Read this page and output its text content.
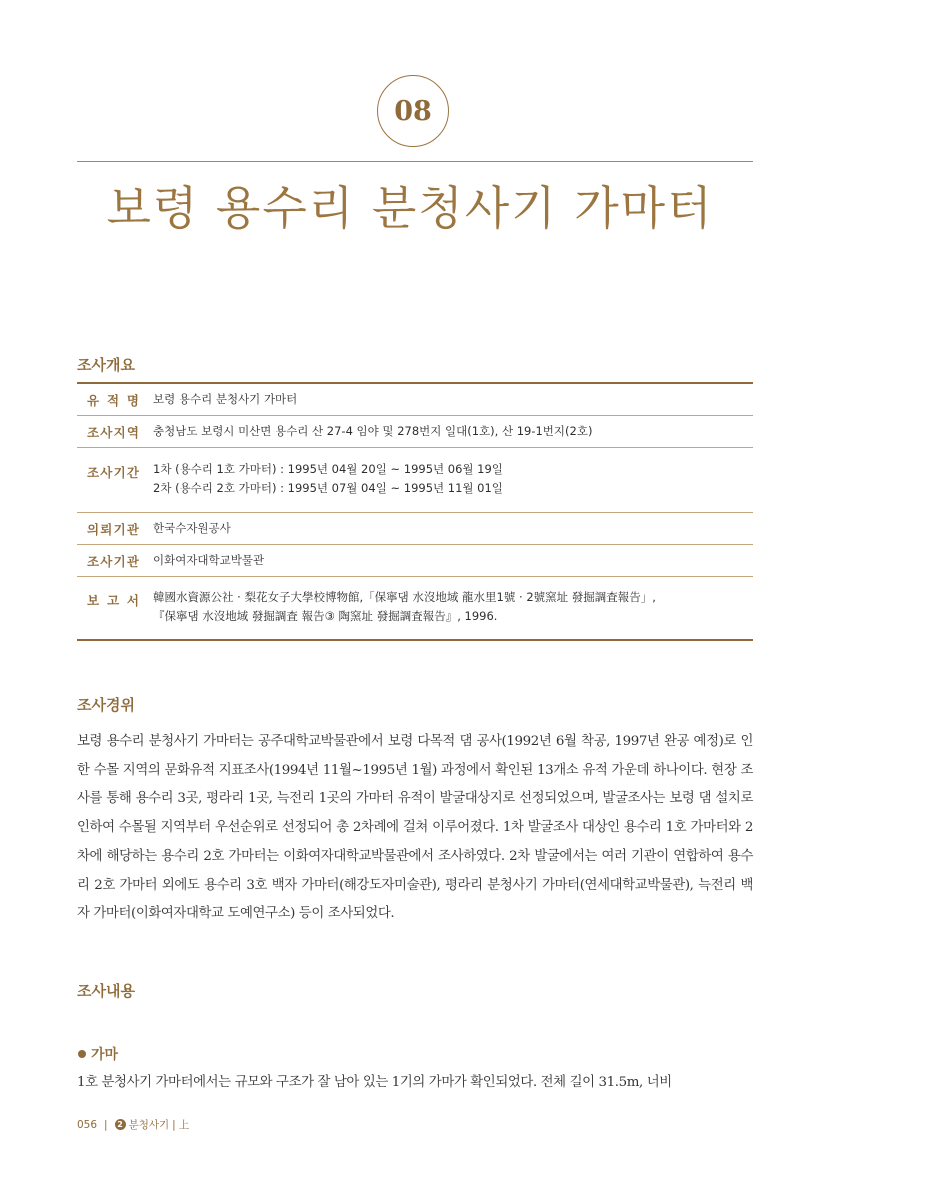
08
보령 용수리 분청사기 가마터
조사개요
유 적 명 보령 용수리 분청사기 가마터
조 사 지 역 충청남도 보령시 미산면 용수리 산 27-4 임야 및 278번지 일대(1호), 산 19-1번지(2호)
조 사 기 간 1차 (용수리 1호 가마터) : 1995년 04월 20일 ~ 1995년 06월 19일
2차 (용수리 2호 가마터) : 1995년 07월 04일 ~ 1995년 11월 01일
의 뢰 기 관 한국수자원공사
조 사 기 관 이화여자대학교박물관
보 고 서 韓國水資源公社 · 梨花女子大學校博物館,「保寧댐 水沒地域 龍水里1號 · 2號窯址 發掘調査報告」,
『保寧댐 水沒地域 發掘調査 報告③ 陶窯址 發掘調査報告』, 1996.
조사경위
보령 용수리 분청사기 가마터는 공주대학교박물관에서 보령 다목적 댐 공사(1992년 6월 착공, 1997년 완공 예정)로 인한 수몰 지역의 문화유적 지표조사(1994년 11월~1995년 1월) 과정에서 확인된 13개소 유적 가운데 하나이다. 현장 조사를 통해 용수리 3곳, 평라리 1곳, 늑전리 1곳의 가마터 유적이 발굴대상지로 선정되었으며, 발굴조사는 보령 댐 설치로 인하여 수몰될 지역부터 우선순위로 선정되어 총 2차례에 걸쳐 이루어졌다. 1차 발굴조사 대상인 용수리 1호 가마터와 2차에 해당하는 용수리 2호 가마터는 이화여자대학교박물관에서 조사하였다. 2차 발굴에서는 여러 기관이 연합하여 용수리 2호 가마터 외에도 용수리 3호 백자 가마터(해강도자미술관), 평라리 분청사기 가마터(연세대학교박물관), 늑전리 백자 가마터(이화여자대학교 도예연구소) 등이 조사되었다.
조사내용
가마
1호 분청사기 가마터에서는 규모와 구조가 잘 남아 있는 1기의 가마가 확인되었다. 전체 길이 31.5m, 너비
056 |	2 분청사기 | 上
